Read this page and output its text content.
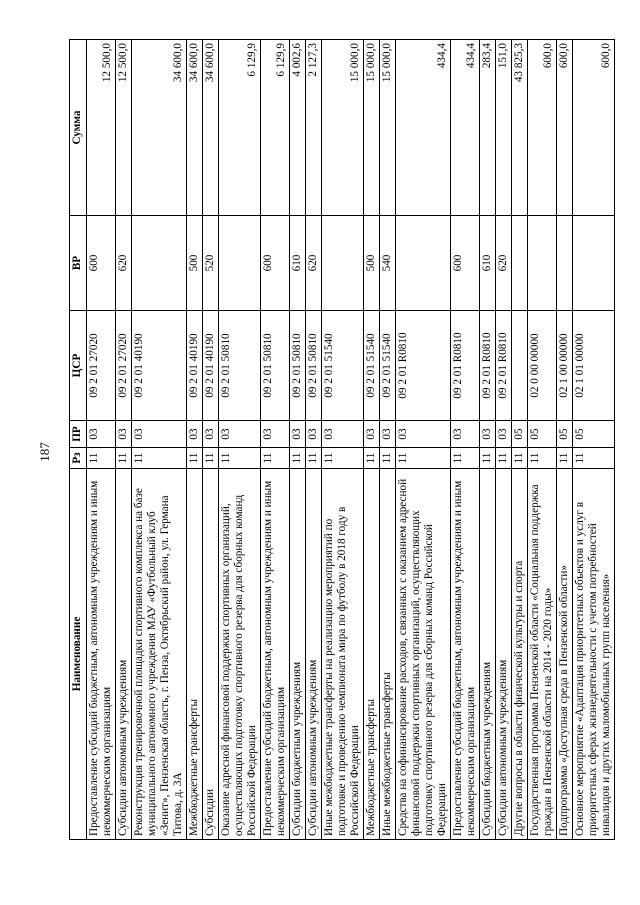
187
Наименование	Рз	ПР	ЦСР	ВР	Сумма
Предоставление субсидий бюджетным, автономным учреждениям и иным некоммерческим организациям	11	03	09 2 01 27020	600	12 500,0
Субсидии автономным учреждениям	11	03	09 2 01 27020	620	12 500,0
Реконструкция тренировочной площадки спортивного комплекса на базе муниципального автономного учреждения МАУ «Футбольный клуб «Зенит», Пензенская область, г. Пенза, Октябрьский район, ул. Германа Титова, д. 3А	11	03	09 2 01 40190		34 600,0
Межбюджетные трансферты	11	03	09 2 01 40190	500	34 600,0
Субсидии	11	03	09 2 01 40190	520	34 600,0
Оказание адресной финансовой поддержки спортивных организаций, осуществляющих подготовку спортивного резерва для сборных команд Российской Федерации	11	03	09 2 01 50810		6 129,9
Предоставление субсидий бюджетным, автономным учреждениям и иным некоммерческим организациям	11	03	09 2 01 50810	600	6 129,9
Субсидии бюджетным учреждениям	11	03	09 2 01 50810	610	4 002,6
Субсидии автономным учреждениям	11	03	09 2 01 50810	620	2 127,3
Иные межбюджетные трансферты на реализацию мероприятий по подготовке и проведению чемпионата мира по футболу в 2018 году в Российской Федерации	11	03	09 2 01 51540		15 000,0
Межбюджетные трансферты	11	03	09 2 01 51540	500	15 000,0
Иные межбюджетные трансферты	11	03	09 2 01 51540	540	15 000,0
Средства на софинансирование расходов, связанных с оказанием адресной финансовой поддержки спортивных организаций, осуществляющих подготовку спортивного резерва для сборных команд Российской Федерации	11	03	09 2 01 R0810		434,4
Предоставление субсидий бюджетным, автономным учреждениям и иным некоммерческим организациям	11	03	09 2 01 R0810	600	434,4
Субсидии бюджетным учреждениям	11	03	09 2 01 R0810	610	283,4
Субсидии автономным учреждениям	11	03	09 2 01 R0810	620	151,0
Другие вопросы в области физической культуры и спорта	11	05			43 825,3
Государственная программа Пензенской области «Социальная поддержка граждан в Пензенской области на 2014 - 2020 годы»	11	05	02 0 00 00000		600,0
Подпрограмма «Доступная среда в Пензенской области»	11	05	02 1 00 00000		600,0
Основное мероприятие «Адаптация приоритетных объектов и услуг в приоритетных сферах жизнедеятельности с учетом потребностей инвалидов и других маломобильных групп населения»	11	05	02 1 01 00000		600,0
